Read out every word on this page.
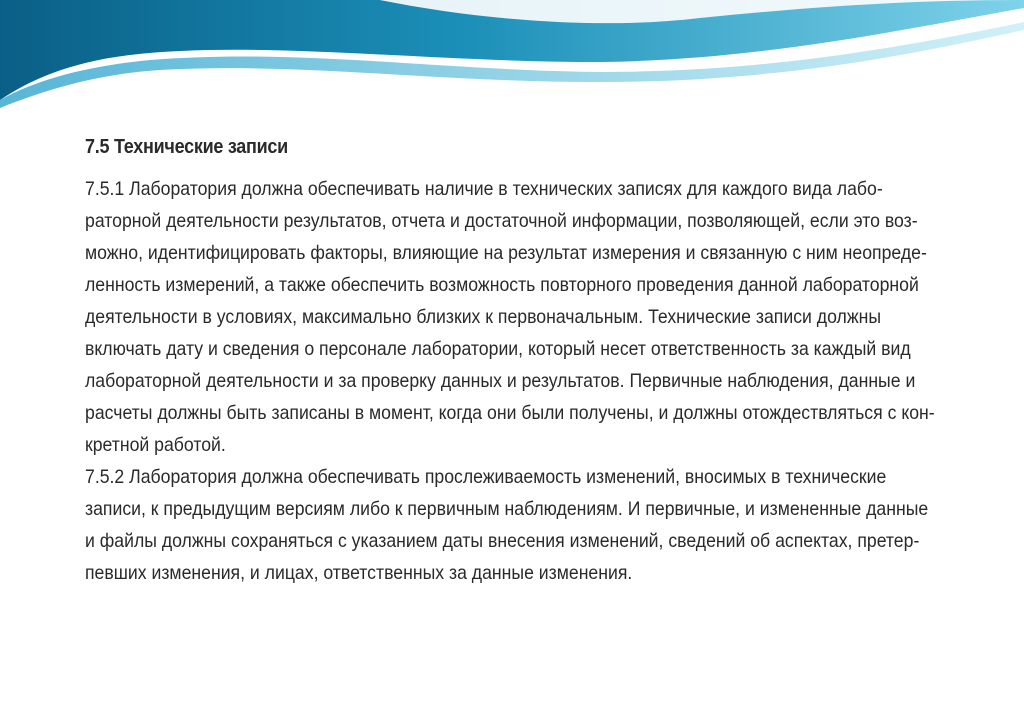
7.5 Технические записи

7.5.1 Лаборатория должна обеспечивать наличие в технических записях для каждого вида лабо-
раторной деятельности результатов, отчета и достаточной информации, позволяющей, если это воз-
можно, идентифицировать факторы, влияющие на результат измерения и связанную с ним неопреде-
ленность измерений, а также обеспечить возможность повторного проведения данной лабораторной
деятельности в условиях, максимально близких к первоначальным. Технические записи должны
включать дату и сведения о персонале лаборатории, который несет ответственность за каждый вид
лабораторной деятельности и за проверку данных и результатов. Первичные наблюдения, данные и
расчеты должны быть записаны в момент, когда они были получены, и должны отождествляться с кон-
кретной работой.

7.5.2 Лаборатория должна обеспечивать прослеживаемость изменений, вносимых в технические
записи, к предыдущим версиям либо к первичным наблюдениям. И первичные, и измененные данные
и файлы должны сохраняться с указанием даты внесения изменений, сведений об аспектах, претер-
певших изменения, и лицах, ответственных за данные изменения.
